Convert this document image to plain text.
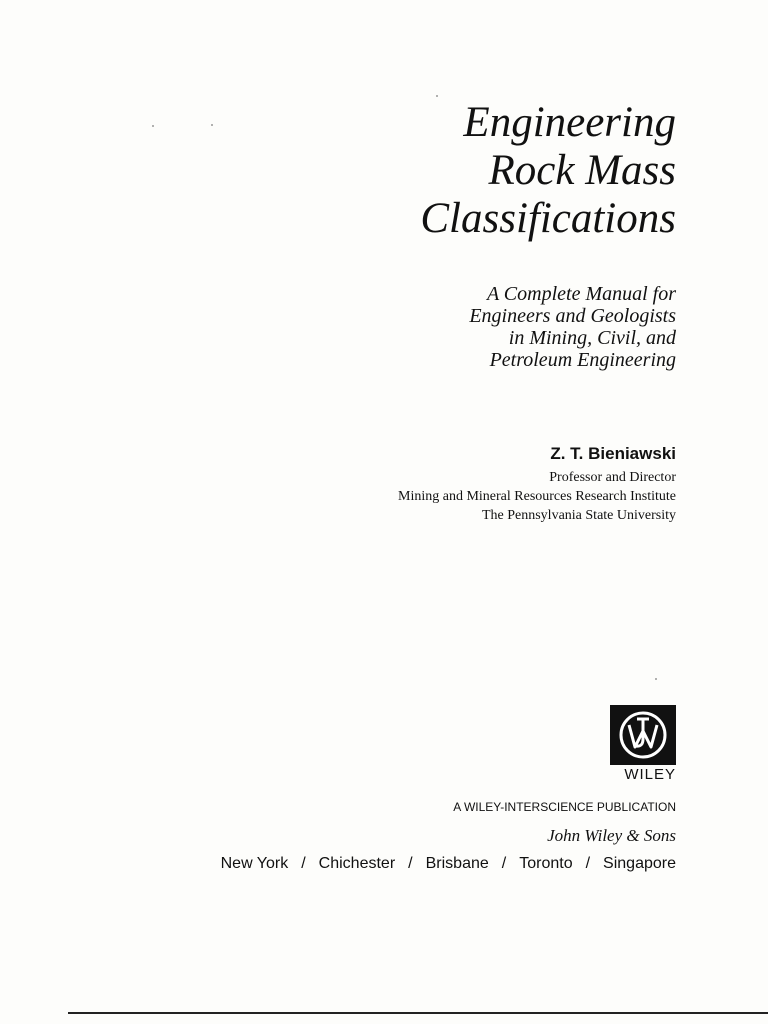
Engineering
Rock Mass
Classifications
A Complete Manual for
Engineers and Geologists
in Mining, Civil, and
Petroleum Engineering
Z. T. Bieniawski
Professor and Director
Mining and Mineral Resources Research Institute
The Pennsylvania State University
WILEY
A WILEY-INTERSCIENCE PUBLICATION
John Wiley & Sons
New York / Chichester / Brisbane / Toronto / Singapore
